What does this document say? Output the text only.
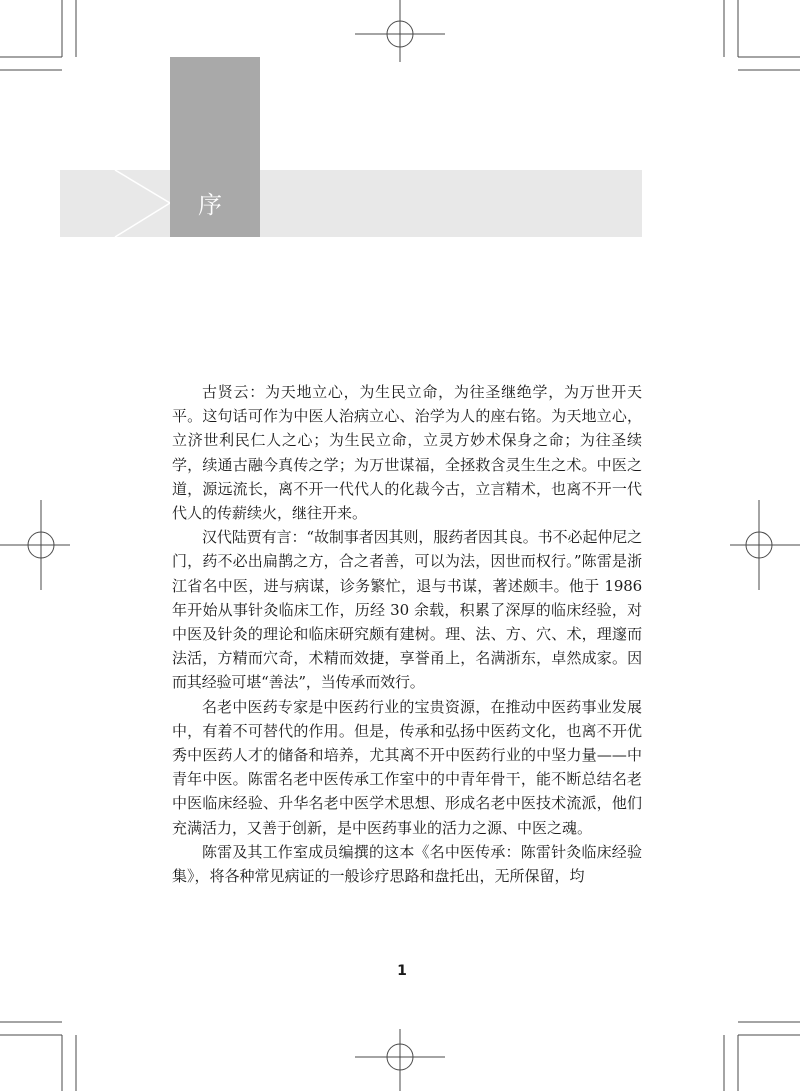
序

古贤云：为天地立心，为生民立命，为往圣继绝学，为万世开天平。这句话可作为中医人治病立心、治学为人的座右铭。为天地立心，立济世利民仁人之心；为生民立命，立灵方妙术保身之命；为往圣续学，续通古融今真传之学；为万世谋福，全拯救含灵生生之术。中医之道，源远流长，离不开一代代人的化裁今古，立言精术，也离不开一代代人的传薪续火，继往开来。

汉代陆贾有言：“故制事者因其则，服药者因其良。书不必起仲尼之门，药不必出扁鹊之方，合之者善，可以为法，因世而权行。”陈雷是浙江省名中医，进与病谋，诊务繁忙，退与书谋，著述颇丰。他于 1986 年开始从事针灸临床工作，历经 30 余载，积累了深厚的临床经验，对中医及针灸的理论和临床研究颇有建树。理、法、方、穴、术，理邃而法活，方精而穴奇，术精而效捷，享誉甬上，名满浙东，卓然成家。因而其经验可堪“善法”，当传承而效行。

名老中医药专家是中医药行业的宝贵资源，在推动中医药事业发展中，有着不可替代的作用。但是，传承和弘扬中医药文化，也离不开优秀中医药人才的储备和培养，尤其离不开中医药行业的中坚力量——中青年中医。陈雷名老中医传承工作室中的中青年骨干，能不断总结名老中医临床经验、升华名老中医学术思想、形成名老中医技术流派，他们充满活力，又善于创新，是中医药事业的活力之源、中医之魂。

陈雷及其工作室成员编撰的这本《名中医传承：陈雷针灸临床经验集》，将各种常见病证的一般诊疗思路和盘托出，无所保留，均

1
